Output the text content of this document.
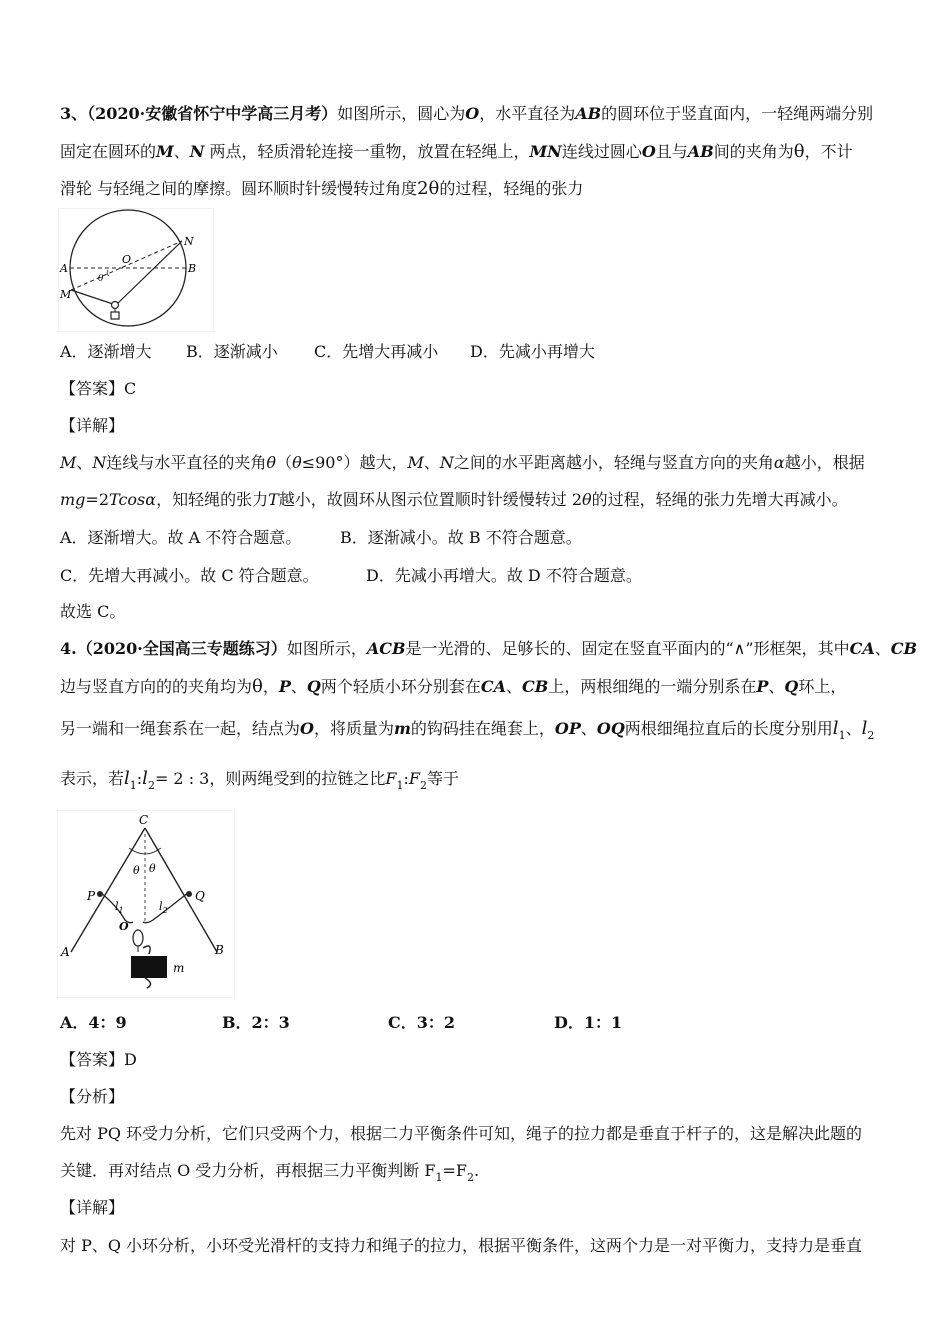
3、（2020·安徽省怀宁中学高三月考）如图所示，圆心为O，水平直径为AB的圆环位于竖直面内，一轻绳两端分别
固定在圆环的M、N 两点，轻质滑轮连接一重物，放置在轻绳上，MN连线过圆心O且与AB间的夹角为θ，不计
滑轮 与轻绳之间的摩擦。圆环顺时针缓慢转过角度2θ的过程，轻绳的张力
A	B
O
M
N
θ
A．逐渐增大 B．逐渐减小 C．先增大再减小 D．先减小再增大
【答案】C
【详解】
M、N连线与水平直径的夹角θ（θ≤90°）越大，M、N之间的水平距离越小，轻绳与竖直方向的夹角α越小，根据
mg=2Tcosα，知轻绳的张力T越小，故圆环从图示位置顺时针缓慢转过 2θ的过程，轻绳的张力先增大再减小。
A．逐渐增大。故 A 不符合题意。 B．逐渐减小。故 B 不符合题意。
C．先增大再减小。故 C 符合题意。	D．先减小再增大。故 D 不符合题意。
故选 C。
4.（2020·全国高三专题练习）如图所示，ACB是一光滑的、足够长的、固定在竖直平面内的“∧”形框架，其中CA、CB
边与竖直方向的的夹角均为θ，P、Q两个轻质小环分别套在CA、CB上，两根细绳的一端分别系在P、Q环上，
另一端和一绳套系在一起，结点为O，将质量为m的钩码挂在绳套上，OP、OQ两根细绳拉直后的长度分别用$l_1$、$l_2$
表示，若$l_1:l_2= 2$ : 3，则两绳受到的拉链之比$F_1:F_2$等于
C
P	Q
A	B
O
θ θ
$l_1$	$l_2$
m
A．4：9	B．2：3	C．3：2	D．1：1
【答案】D
【分析】
先对 PQ 环受力分析，它们只受两个力，根据二力平衡条件可知，绳子的拉力都是垂直于杆子的，这是解决此题的
关键．再对结点 O 受力分析，再根据三力平衡判断 $F_1=F_2$.
【详解】
对 P、Q 小环分析，小环受光滑杆的支持力和绳子的拉力，根据平衡条件，这两个力是一对平衡力，支持力是垂直
